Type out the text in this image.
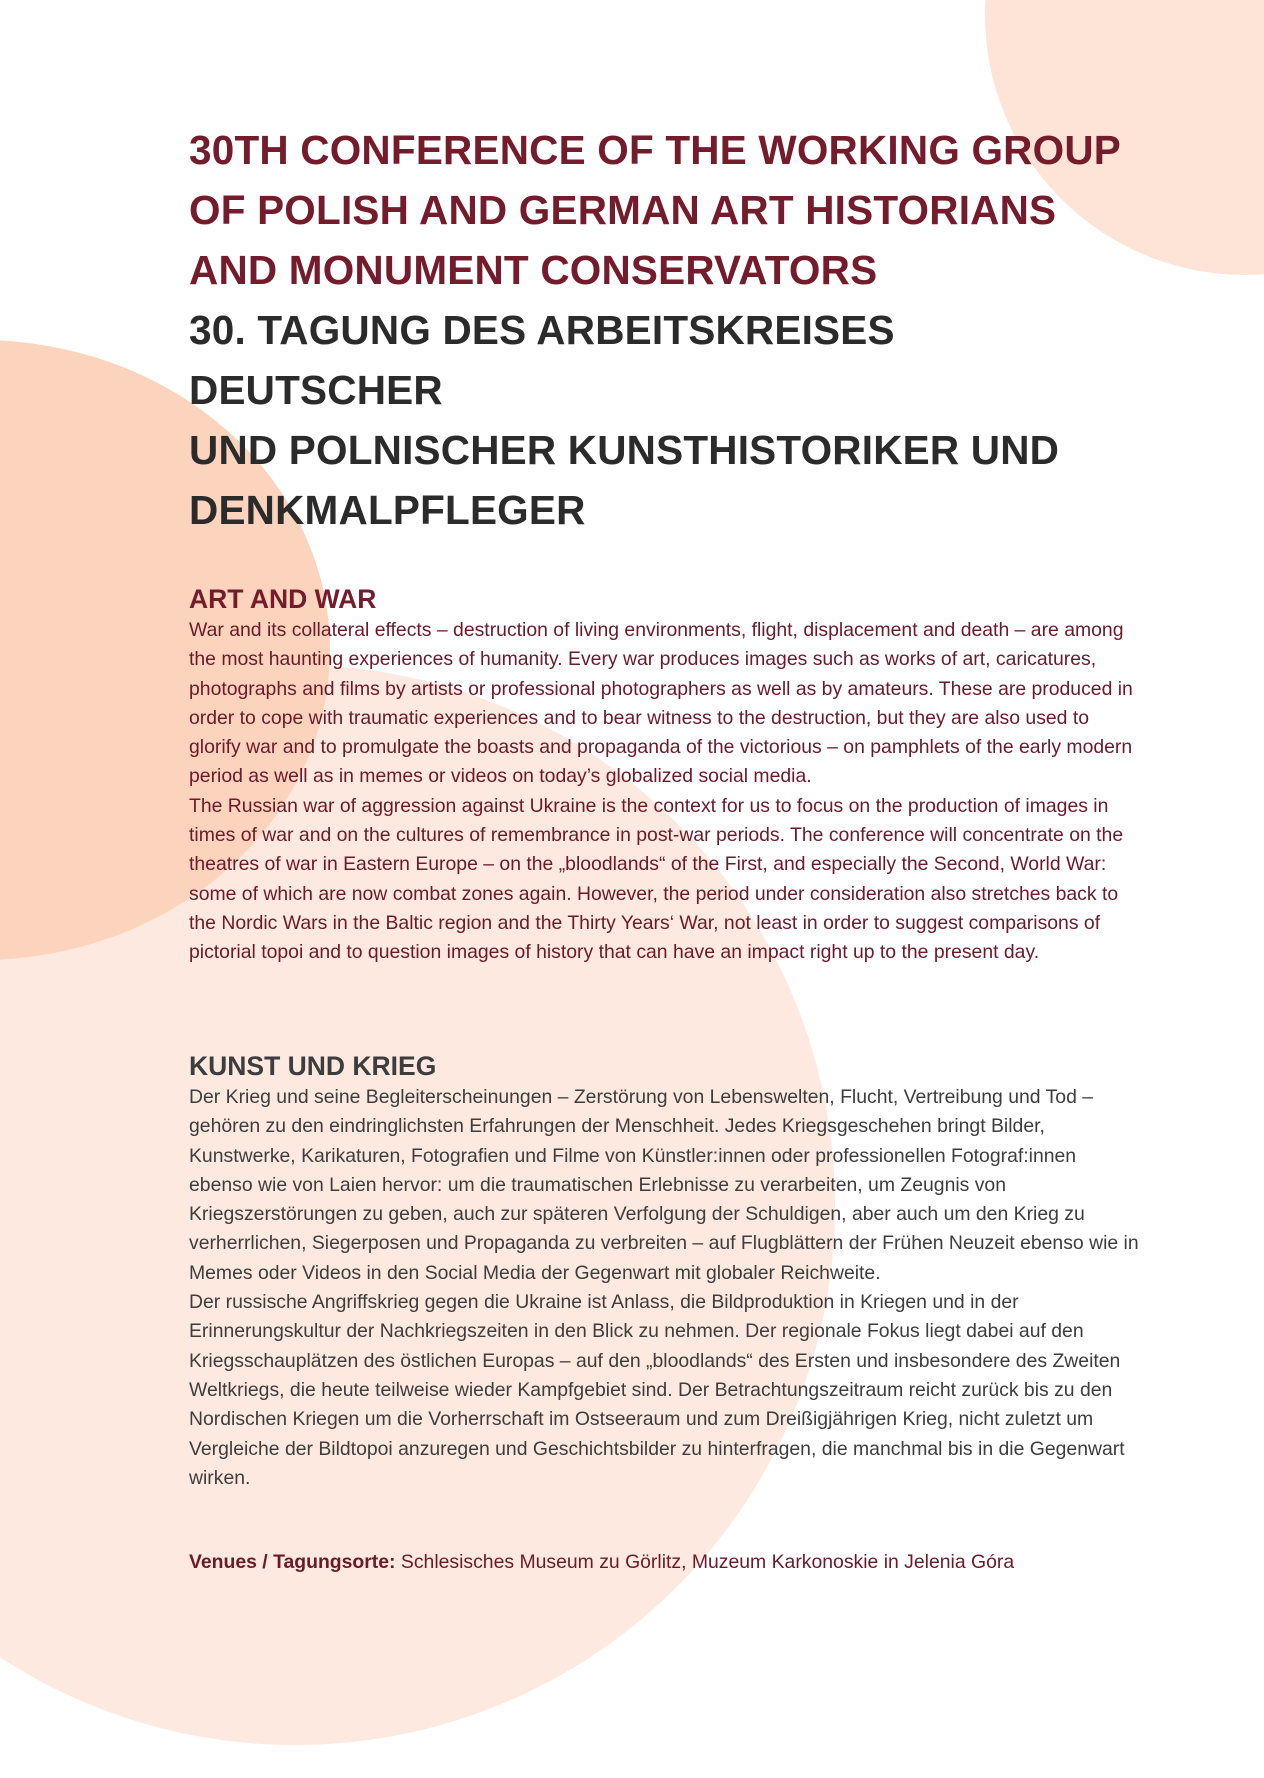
30TH CONFERENCE OF THE WORKING GROUP
OF POLISH AND GERMAN ART HISTORIANS
AND MONUMENT CONSERVATORS
30. TAGUNG DES ARBEITSKREISES DEUTSCHER
UND POLNISCHER KUNSTHISTORIKER UND
DENKMALPFLEGER
ART AND WAR

War and its collateral effects – destruction of living environments, flight, displacement and death – are among the most haunting experiences of humanity. Every war produces images such as works of art, caricatures, photographs and films by artists or professional photographers as well as by amateurs. These are produced in order to cope with traumatic experiences and to bear witness to the destruction, but they are also used to glorify war and to promulgate the boasts and propaganda of the victorious – on pamphlets of the early modern period as well as in memes or videos on today’s globalized social media.

The Russian war of aggression against Ukraine is the context for us to focus on the production of images in times of war and on the cultures of remembrance in post-war periods. The conference will concentrate on the theatres of war in Eastern Europe – on the „bloodlands“ of the First, and especially the Second, World War: some of which are now combat zones again. However, the period under consideration also stretches back to the Nordic Wars in the Baltic region and the Thirty Years‘ War, not least in order to suggest comparisons of pictorial topoi and to question images of history that can have an impact right up to the present day.

KUNST UND KRIEG

Der Krieg und seine Begleiterscheinungen – Zerstörung von Lebenswelten, Flucht, Vertreibung und Tod – gehören zu den eindringlichsten Erfahrungen der Menschheit. Jedes Kriegsgeschehen bringt Bilder, Kunstwerke, Karikaturen, Fotografien und Filme von Künstler:innen oder professionellen Fotograf:innen ebenso wie von Laien hervor: um die traumatischen Erlebnisse zu verarbeiten, um Zeugnis von Kriegszerstörungen zu geben, auch zur späteren Verfolgung der Schuldigen, aber auch um den Krieg zu verherrlichen, Siegerposen und Propaganda zu verbreiten – auf Flugblättern der Frühen Neuzeit ebenso wie in Memes oder Videos in den Social Media der Gegenwart mit globaler Reichweite.

Der russische Angriffskrieg gegen die Ukraine ist Anlass, die Bildproduktion in Kriegen und in der Erinnerungskultur der Nachkriegszeiten in den Blick zu nehmen. Der regionale Fokus liegt dabei auf den Kriegsschauplätzen des östlichen Europas – auf den „bloodlands“ des Ersten und insbesondere des Zweiten Weltkriegs, die heute teilweise wieder Kampfgebiet sind. Der Betrachtungszeitraum reicht zurück bis zu den Nordischen Kriegen um die Vorherrschaft im Ostseeraum und zum Dreißigjährigen Krieg, nicht zuletzt um Vergleiche der Bildtopoi anzuregen und Geschichtsbilder zu hinterfragen, die manchmal bis in die Gegenwart wirken.

Venues / Tagungsorte: Schlesisches Museum zu Görlitz, Muzeum Karkonoskie in Jelenia Góra
